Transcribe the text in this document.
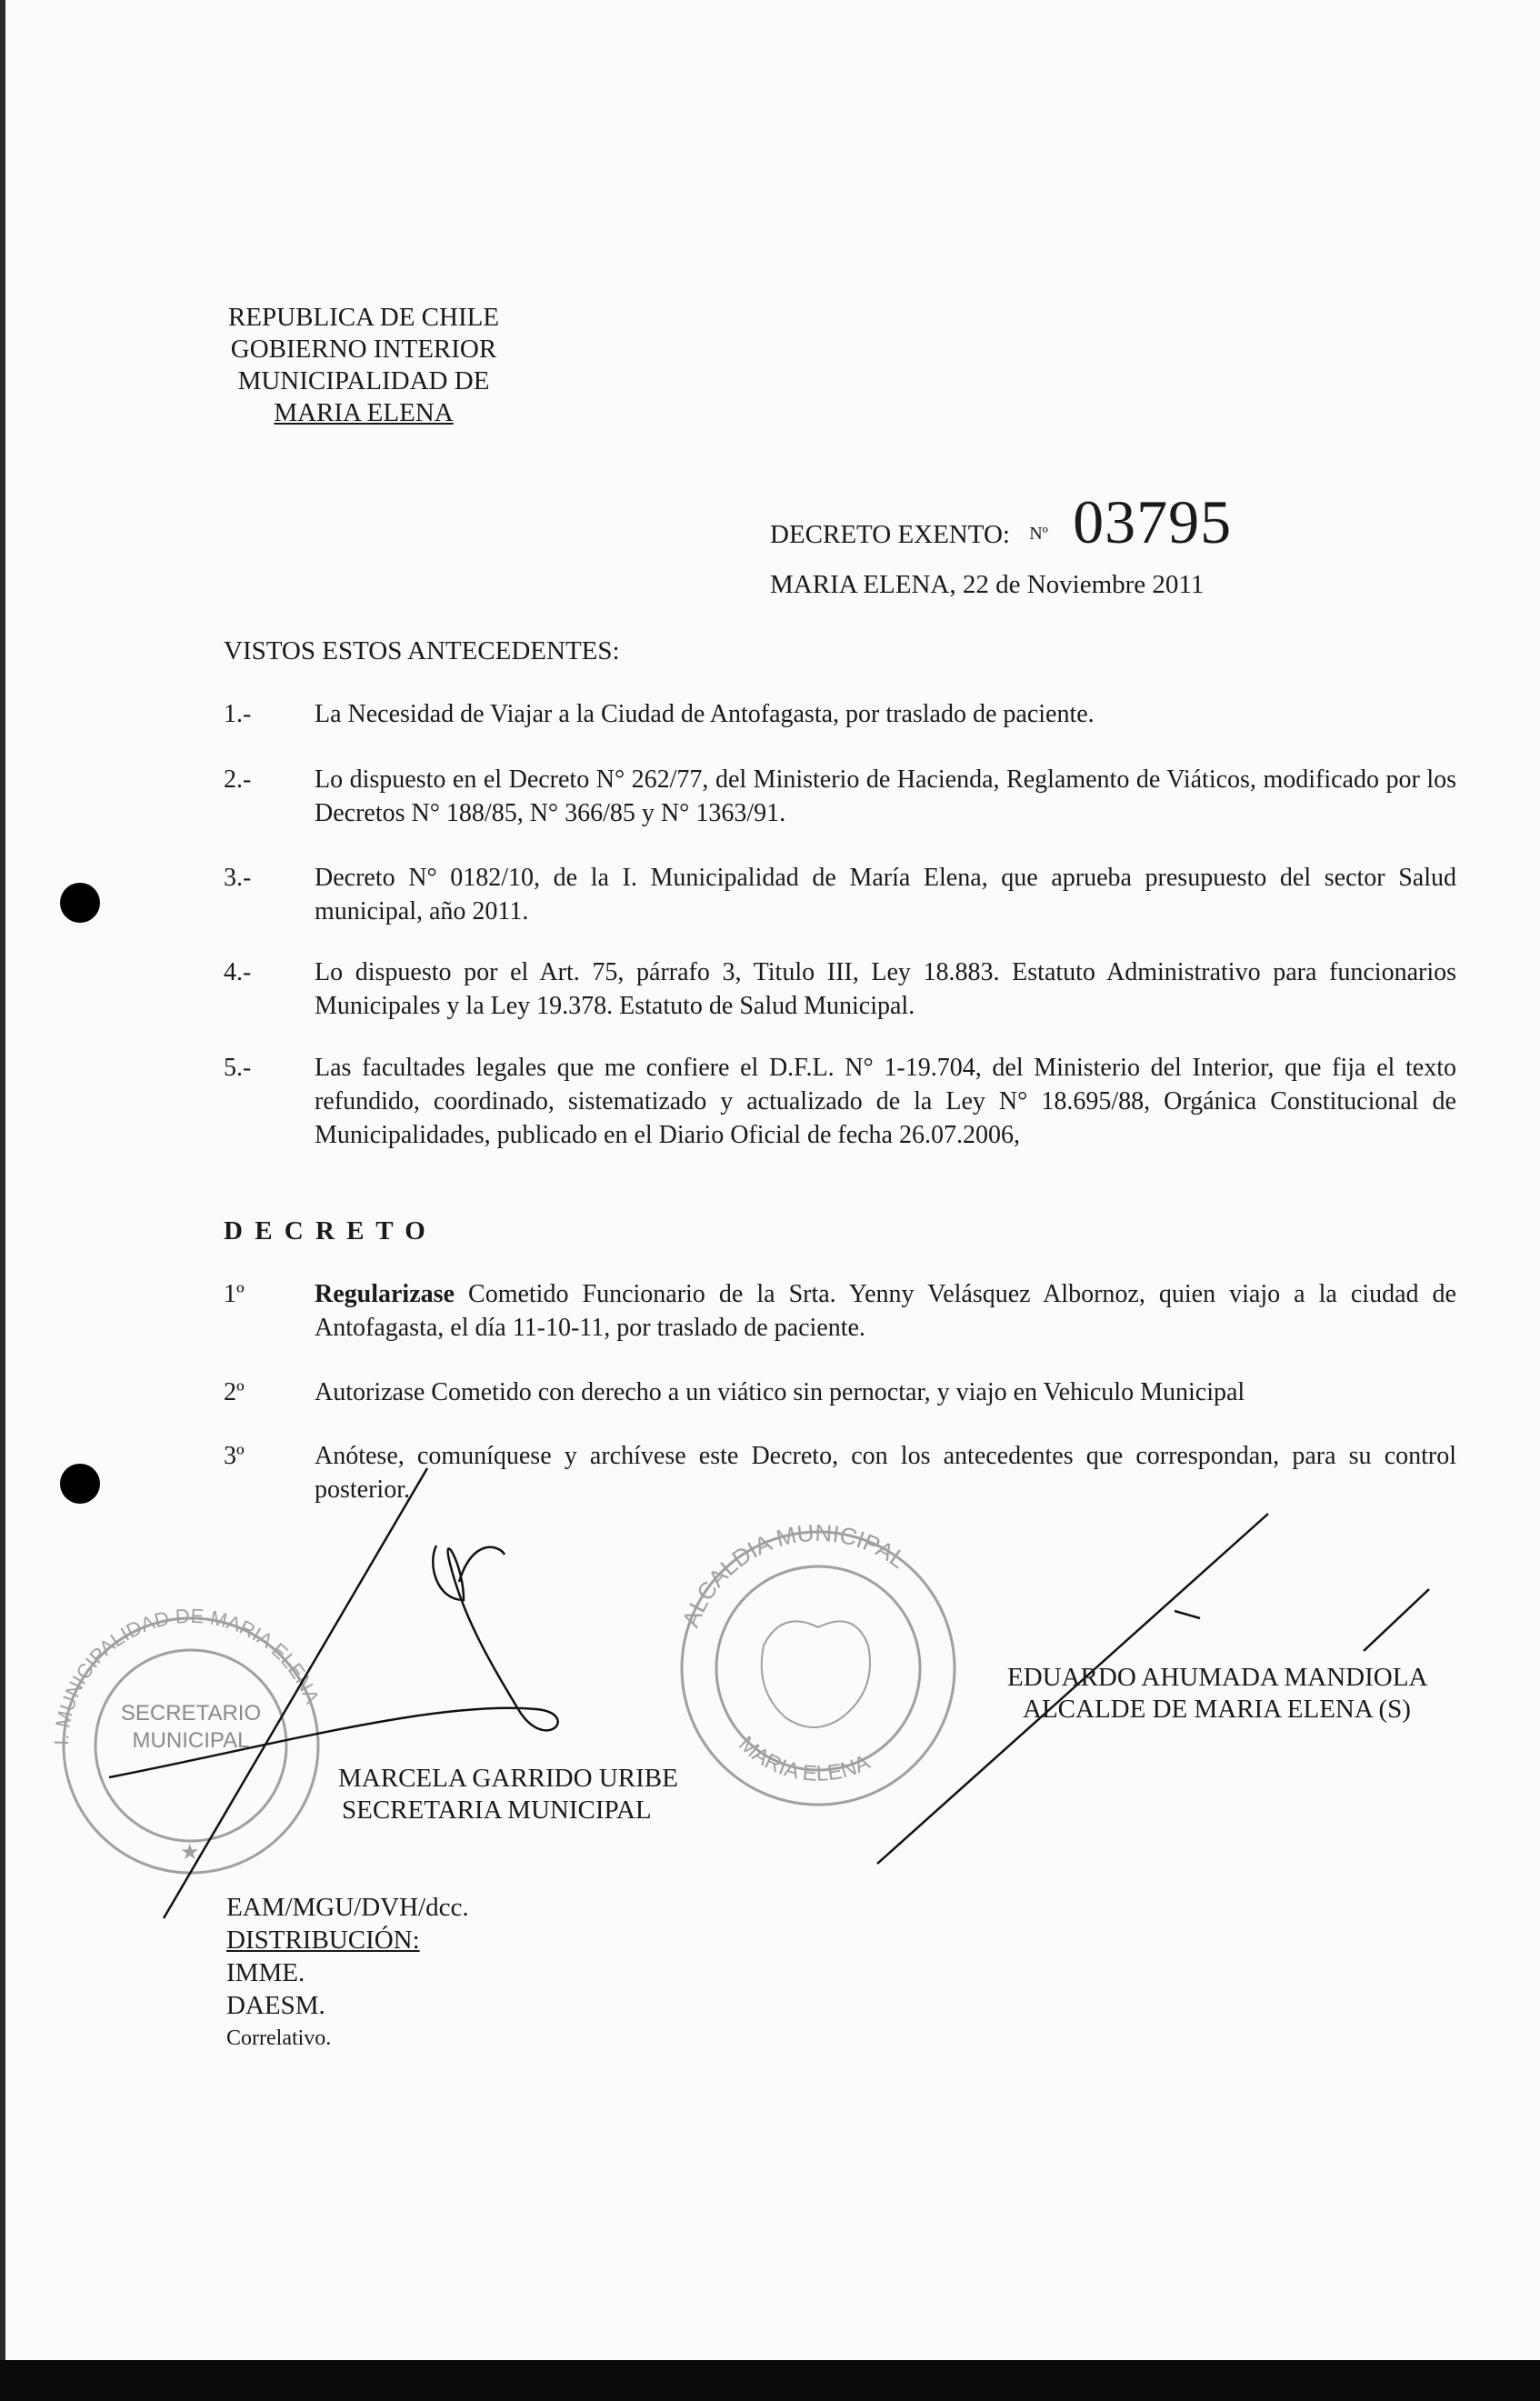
REPUBLICA DE CHILE
GOBIERNO INTERIOR
MUNICIPALIDAD DE
MARIA ELENA
DECRETO EXENTO: Nº 03795
MARIA ELENA, 22 de Noviembre 2011
VISTOS ESTOS ANTECEDENTES:
1.- La Necesidad de Viajar a la Ciudad de Antofagasta, por traslado de paciente.
2.- Lo dispuesto en el Decreto N° 262/77, del Ministerio de Hacienda, Reglamento de Viáticos, modificado por los Decretos N° 188/85, N° 366/85 y N° 1363/91.
3.- Decreto N° 0182/10, de la I. Municipalidad de María Elena, que aprueba presupuesto del sector Salud municipal, año 2011.
4.- Lo dispuesto por el Art. 75, párrafo 3, Titulo III, Ley 18.883. Estatuto Administrativo para funcionarios Municipales y la Ley 19.378. Estatuto de Salud Municipal.
5.- Las facultades legales que me confiere el D.F.L. N° 1-19.704, del Ministerio del Interior, que fija el texto refundido, coordinado, sistematizado y actualizado de la Ley N° 18.695/88, Orgánica Constitucional de Municipalidades, publicado en el Diario Oficial de fecha 26.07.2006,
D E C R E T O
1º	Regularizase Cometido Funcionario de la Srta. Yenny Velásquez Albornoz, quien viajo a la ciudad de Antofagasta, el día 11-10-11, por traslado de paciente.
2º	Autorizase Cometido con derecho a un viático sin pernoctar, y viajo en Vehiculo Municipal
3º	Anótese, comuníquese y archívese este Decreto, con los antecedentes que correspondan, para su control posterior.
I. MUNICIPALIDAD DE MARIA ELENA
★
ALCALDIA MUNICIPAL
MARIA ELENA
SECRETARIO MUNICIPAL
MARCELA GARRIDO URIBE
SECRETARIA MUNICIPAL
EDUARDO AHUMADA MANDIOLA
ALCALDE DE MARIA ELENA (S)
EAM/MGU/DVH/dcc.
DISTRIBUCIÓN:
IMME.
DAESM.
Correlativo.
